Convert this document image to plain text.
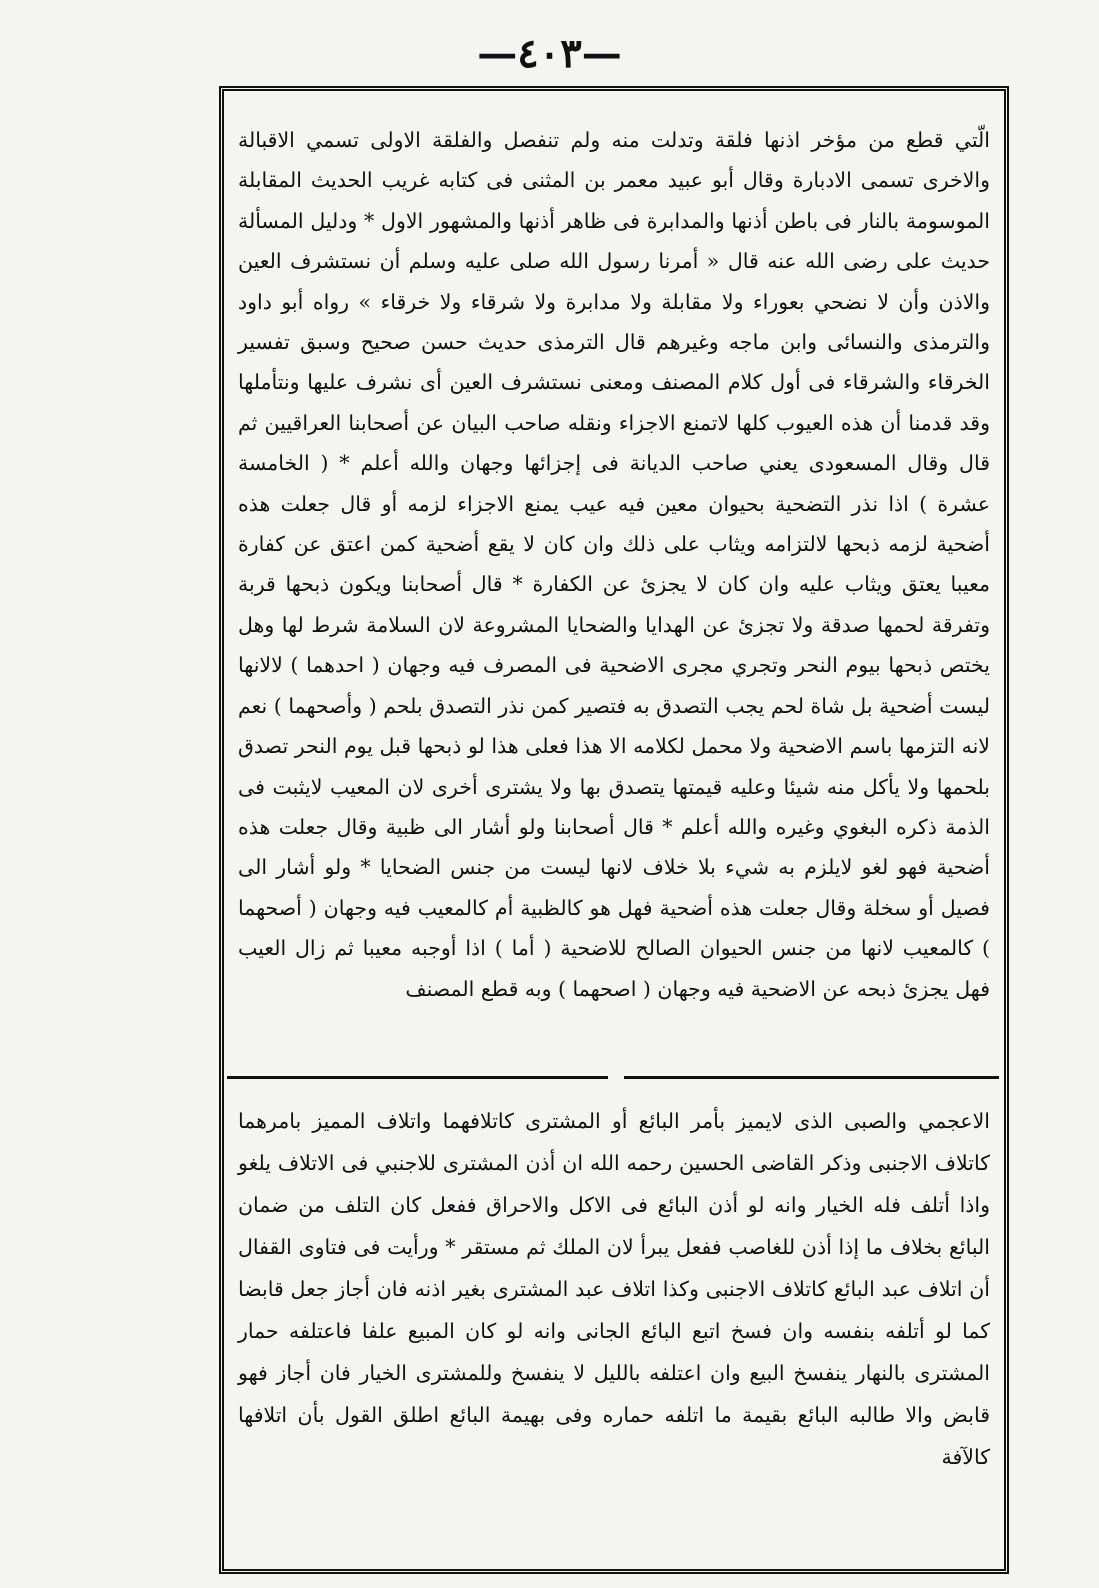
—٤٠٣—

الّتي قطع من مؤخر اذنها فلقة وتدلت منه ولم تنفصل والفلقة الاولى تسمي الاقبالة والاخرى تسمى الادبارة وقال أبو عبيد معمر بن المثنى فى كتابه غريب الحديث المقابلة الموسومة بالنار فى باطن أذنها والمدابرة فى ظاهر أذنها والمشهور الاول * ودليل المسألة حديث على رضى الله عنه قال « أمرنا رسول الله صلى عليه وسلم أن نستشرف العين والاذن وأن لا نضحي بعوراء ولا مقابلة ولا مدابرة ولا شرقاء ولا خرقاء » رواه أبو داود والترمذى والنسائى وابن ماجه وغيرهم قال الترمذى حديث حسن صحيح وسبق تفسير الخرقاء والشرقاء فى أول كلام المصنف ومعنى نستشرف العين أى نشرف عليها ونتأملها وقد قدمنا أن هذه العيوب كلها لاتمنع الاجزاء ونقله صاحب البيان عن أصحابنا العراقيين ثم قال وقال المسعودى يعني صاحب الديانة فى إجزائها وجهان والله أعلم * ( الخامسة عشرة ) اذا نذر التضحية بحيوان معين فيه عيب يمنع الاجزاء لزمه أو قال جعلت هذه أضحية لزمه ذبحها لالتزامه ويثاب على ذلك وان كان لا يقع أضحية كمن اعتق عن كفارة معيبا يعتق ويثاب عليه وان كان لا يجزئ عن الكفارة * قال أصحابنا ويكون ذبحها قربة وتفرقة لحمها صدقة ولا تجزئ عن الهدايا والضحايا المشروعة لان السلامة شرط لها وهل يختص ذبحها بيوم النحر وتجري مجرى الاضحية فى المصرف فيه وجهان ( احدهما ) لالانها ليست أضحية بل شاة لحم يجب التصدق به فتصير كمن نذر التصدق بلحم ( وأصحهما ) نعم لانه التزمها باسم الاضحية ولا محمل لكلامه الا هذا فعلى هذا لو ذبحها قبل يوم النحر تصدق بلحمها ولا يأكل منه شيئا وعليه قيمتها يتصدق بها ولا يشترى أخرى لان المعيب لايثبت فى الذمة ذكره البغوي وغيره والله أعلم * قال أصحابنا ولو أشار الى ظبية وقال جعلت هذه أضحية فهو لغو لايلزم به شيء بلا خلاف لانها ليست من جنس الضحايا * ولو أشار الى فصيل أو سخلة وقال جعلت هذه أضحية فهل هو كالظبية أم كالمعيب فيه وجهان ( أصحهما ) كالمعيب لانها من جنس الحيوان الصالح للاضحية ( أما ) اذا أوجبه معيبا ثم زال العيب فهل يجزئ ذبحه عن الاضحية فيه وجهان ( اصحهما ) وبه قطع المصنف

الاعجمي والصبى الذى لايميز بأمر البائع أو المشترى كاتلافهما واتلاف المميز بامرهما كاتلاف الاجنبى وذكر القاضى الحسين رحمه الله ان أذن المشترى للاجنبي فى الاتلاف يلغو واذا أتلف فله الخيار وانه لو أذن البائع فى الاكل والاحراق ففعل كان التلف من ضمان البائع بخلاف ما إذا أذن للغاصب ففعل يبرأ لان الملك ثم مستقر * ورأيت فى فتاوى القفال أن اتلاف عبد البائع كاتلاف الاجنبى وكذا اتلاف عبد المشترى بغير اذنه فان أجاز جعل قابضا كما لو أتلفه بنفسه وان فسخ اتبع البائع الجانى وانه لو كان المبيع علفا فاعتلفه حمار المشترى بالنهار ينفسخ البيع وان اعتلفه بالليل لا ينفسخ وللمشترى الخيار فان أجاز فهو قابض والا طالبه البائع بقيمة ما اتلفه حماره وفى بهيمة البائع اطلق القول بأن اتلافها كالآفة
